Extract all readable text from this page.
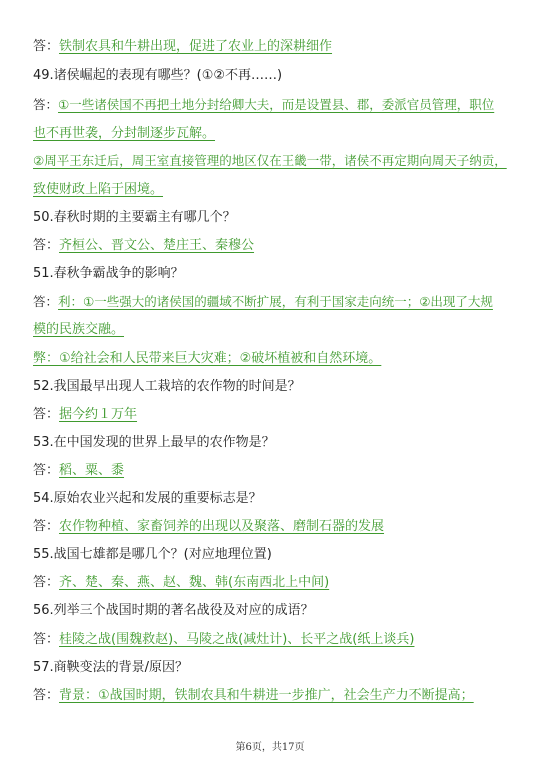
答：铁制农具和牛耕出现，促进了农业上的深耕细作
49.诸侯崛起的表现有哪些？(①②不再……)
答：①一些诸侯国不再把土地分封给卿大夫，而是设置县、郡，委派官员管理，职位
也不再世袭，分封制逐步瓦解。
②周平王东迁后，周王室直接管理的地区仅在王畿一带，诸侯不再定期向周天子纳贡，
致使财政上陷于困境。
50.春秋时期的主要霸主有哪几个？
答：齐桓公、晋文公、楚庄王、秦穆公
51.春秋争霸战争的影响？
答：利：①一些强大的诸侯国的疆域不断扩展，有利于国家走向统一；②出现了大规
模的民族交融。
弊：①给社会和人民带来巨大灾难；②破坏植被和自然环境。
52.我国最早出现人工栽培的农作物的时间是？
答：据今约１万年
53.在中国发现的世界上最早的农作物是？
答：稻、粟、黍
54.原始农业兴起和发展的重要标志是？
答：农作物种植、家畜饲养的出现以及聚落、磨制石器的发展
55.战国七雄都是哪几个？(对应地理位置)
答：齐、楚、秦、燕、赵、魏、韩(东南西北上中间)
56.列举三个战国时期的著名战役及对应的成语？
答：桂陵之战(围魏救赵)、马陵之战(减灶计)、长平之战(纸上谈兵)
57.商鞅变法的背景/原因？
答：背景：①战国时期，铁制农具和牛耕进一步推广，社会生产力不断提高；
第6页，共17页
